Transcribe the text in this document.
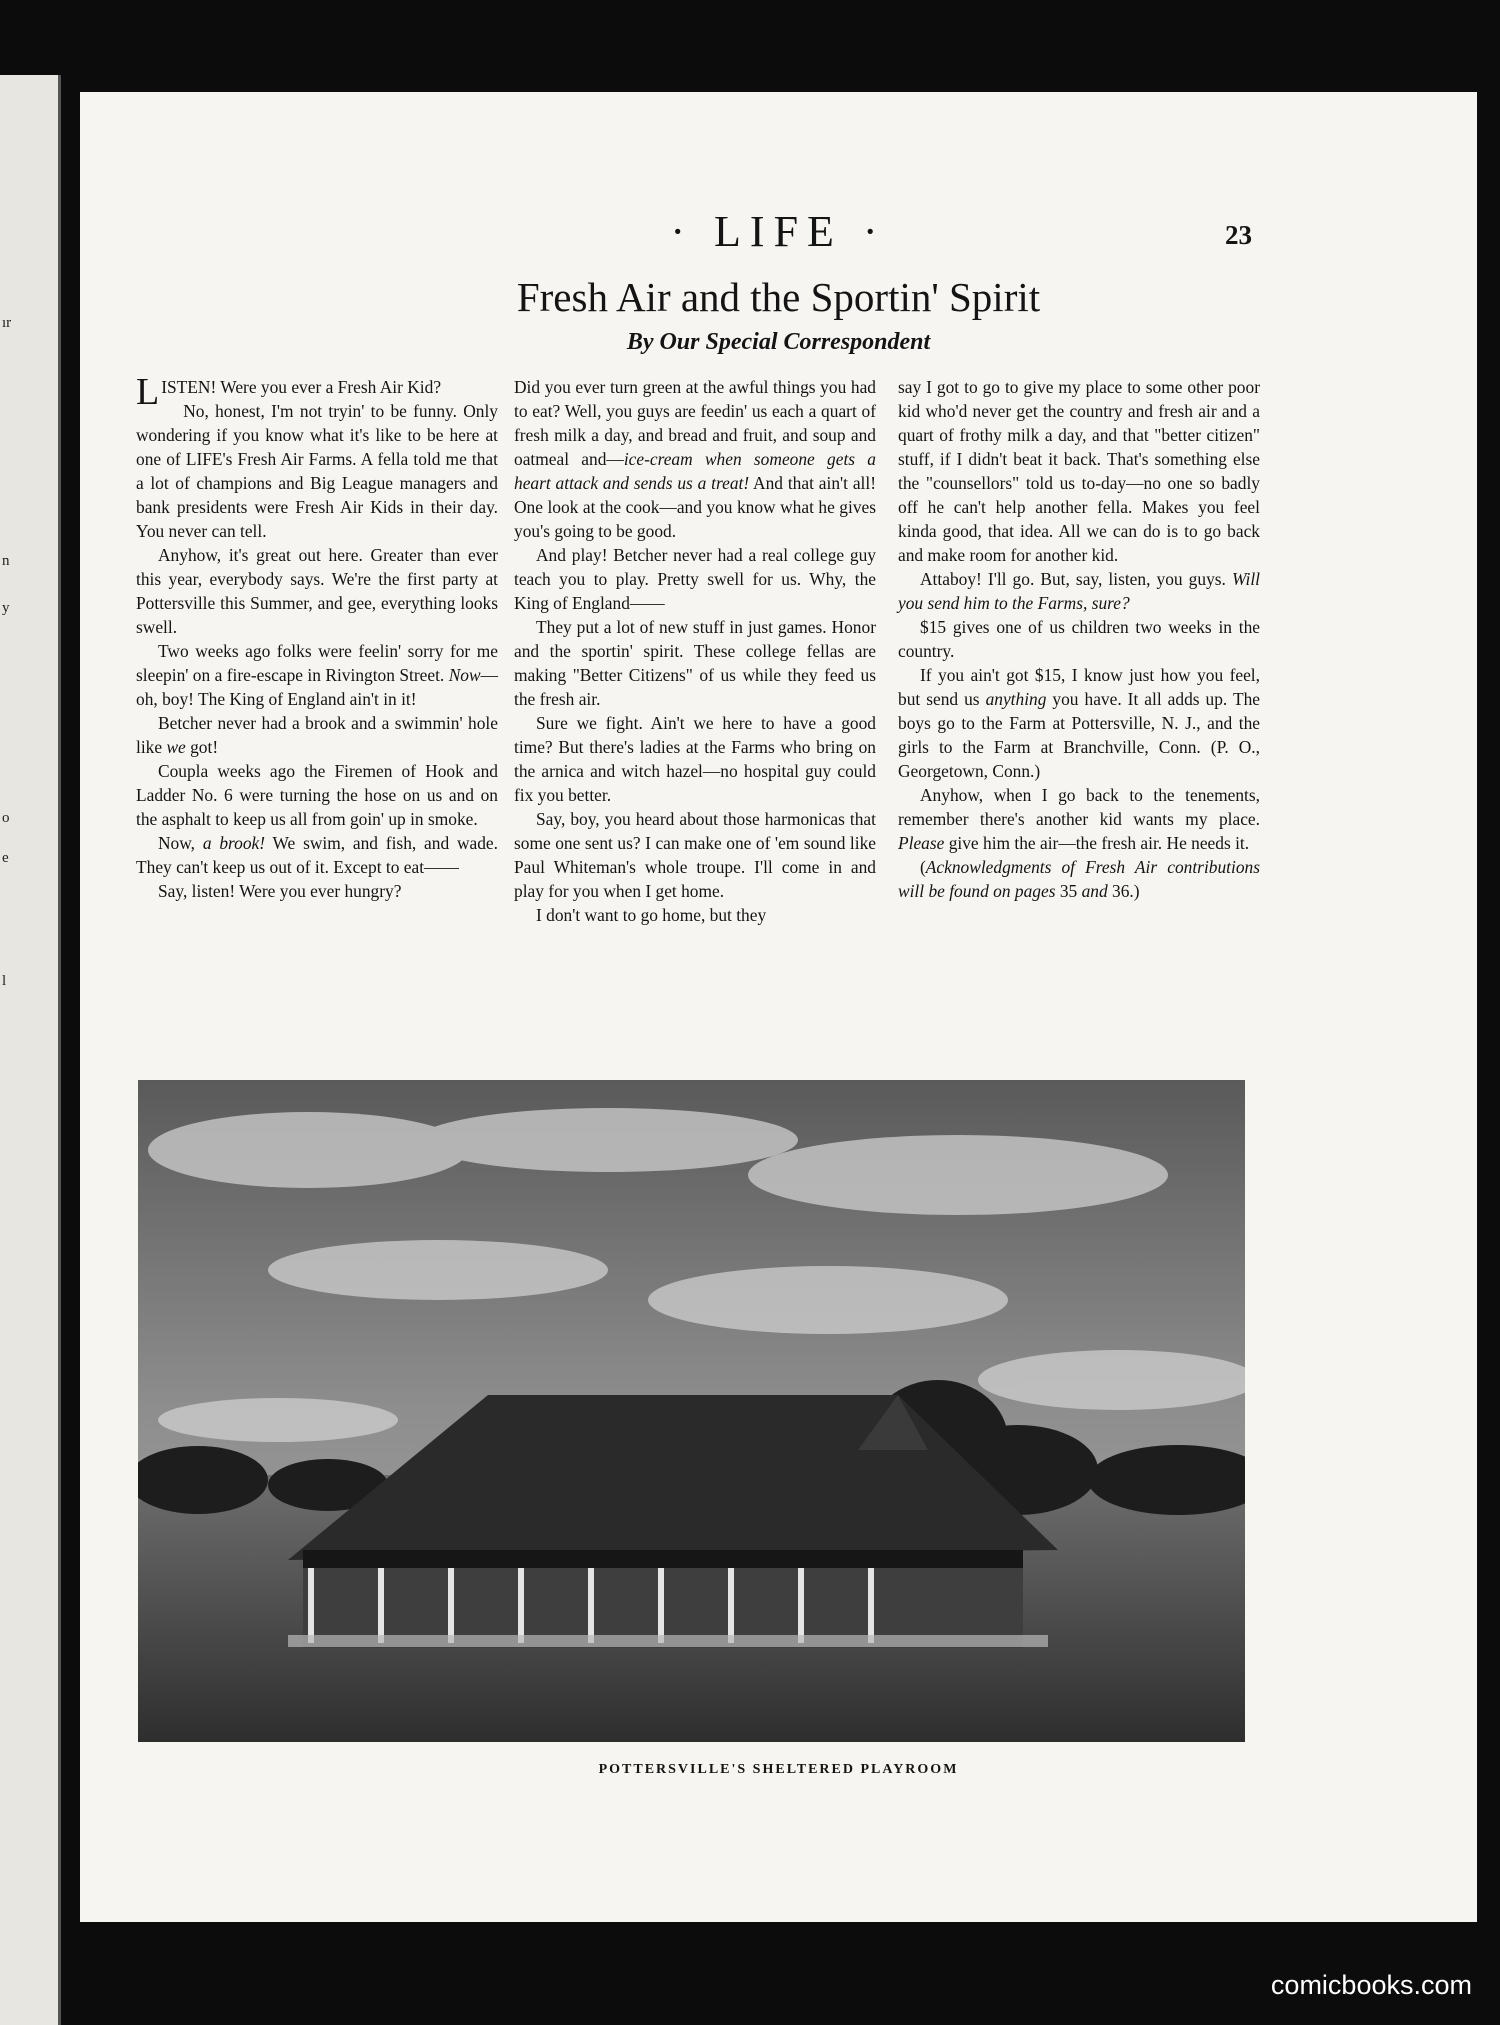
ır
n
y
o
e
l
· LIFE ·	23
Fresh Air and the Sportin' Spirit
By Our Special Correspondent

LISTEN! Were you ever a Fresh Air Kid?

No, honest, I'm not tryin' to be funny. Only wondering if you know what it's like to be here at one of LIFE's Fresh Air Farms. A fella told me that a lot of champions and Big League managers and bank presidents were Fresh Air Kids in their day. You never can tell.

Anyhow, it's great out here. Greater than ever this year, everybody says. We're the first party at Pottersville this Summer, and gee, everything looks swell.

Two weeks ago folks were feelin' sorry for me sleepin' on a fire-escape in Rivington Street. Now—oh, boy! The King of England ain't in it!

Betcher never had a brook and a swimmin' hole like we got!

Coupla weeks ago the Firemen of Hook and Ladder No. 6 were turning the hose on us and on the asphalt to keep us all from goin' up in smoke.

Now, a brook! We swim, and fish, and wade. They can't keep us out of it. Except to eat——

Say, listen! Were you ever hungry?

Did you ever turn green at the awful things you had to eat? Well, you guys are feedin' us each a quart of fresh milk a day, and bread and fruit, and soup and oatmeal and—ice-cream when someone gets a heart attack and sends us a treat! And that ain't all! One look at the cook—and you know what he gives you's going to be good.

And play! Betcher never had a real college guy teach you to play. Pretty swell for us. Why, the King of England——

They put a lot of new stuff in just games. Honor and the sportin' spirit. These college fellas are making "Better Citizens" of us while they feed us the fresh air.

Sure we fight. Ain't we here to have a good time? But there's ladies at the Farms who bring on the arnica and witch hazel—no hospital guy could fix you better.

Say, boy, you heard about those harmonicas that some one sent us? I can make one of 'em sound like Paul Whiteman's whole troupe. I'll come in and play for you when I get home.

I don't want to go home, but they

say I got to go to give my place to some other poor kid who'd never get the country and fresh air and a quart of frothy milk a day, and that "better citizen" stuff, if I didn't beat it back. That's something else the "counsellors" told us to-day—no one so badly off he can't help another fella. Makes you feel kinda good, that idea. All we can do is to go back and make room for another kid.

Attaboy! I'll go. But, say, listen, you guys. Will you send him to the Farms, sure?

$15 gives one of us children two weeks in the country.

If you ain't got $15, I know just how you feel, but send us anything you have. It all adds up. The boys go to the Farm at Pottersville, N. J., and the girls to the Farm at Branchville, Conn. (P. O., Georgetown, Conn.)

Anyhow, when I go back to the tenements, remember there's another kid wants my place. Please give him the air—the fresh air. He needs it.

(Acknowledgments of Fresh Air contributions will be found on pages 35 and 36.)

POTTERSVILLE'S SHELTERED PLAYROOM
comicbooks.com
